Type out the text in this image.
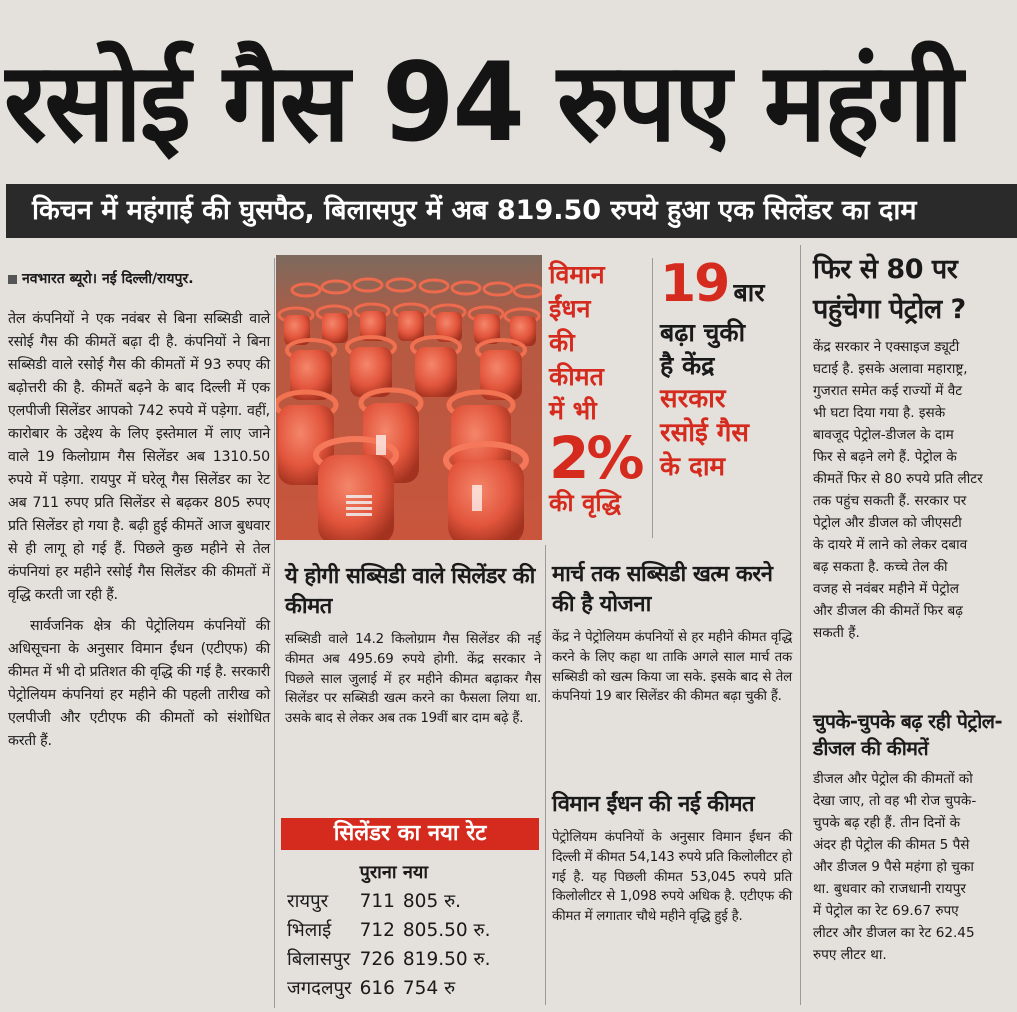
रसोई गैस 94 रुपए महंगी
किचन में महंगाई की घुसपैठ, बिलासपुर में अब 819.50 रुपये हुआ एक सिलेंडर का दाम
नवभारत ब्यूरो। नई दिल्ली/रायपुर.

तेल कंपनियों ने एक नवंबर से बिना सब्सिडी वाले रसोई गैस की कीमतें बढ़ा दी है. कंपनियों ने बिना सब्सिडी वाले रसोई गैस की कीमतों में 93 रुपए की बढ़ोत्तरी की है. कीमतें बढ़ने के बाद दिल्ली में एक एलपीजी सिलेंडर आपको 742 रुपये में पड़ेगा. वहीं, कारोबार के उद्देश्य के लिए इस्तेमाल में लाए जाने वाले 19 किलोग्राम गैस सिलेंडर अब 1310.50 रुपये में पड़ेगा. रायपुर में घरेलू गैस सिलेंडर का रेट अब 711 रुपए प्रति सिलेंडर से बढ़कर 805 रुपए प्रति सिलेंडर हो गया है. बढ़ी हुई कीमतें आज बुधवार से ही लागू हो गई हैं. पिछले कुछ महीने से तेल कंपनियां हर महीने रसोई गैस सिलेंडर की कीमतों में वृद्धि करती जा रही हैं.

सार्वजनिक क्षेत्र की पेट्रोलियम कंपनियों की अधिसूचना के अनुसार विमान ईंधन (एटीएफ) की कीमत में भी दो प्रतिशत की वृद्धि की गई है. सरकारी पेट्रोलियम कंपनियां हर महीने की पहली तारीख को एलपीजी और एटीएफ की कीमतों को संशोधित करती हैं.

विमान
ईंधन
की
कीमत
में भी
2%
की वृद्धि
19 बार
बढ़ा चुकी
है केंद्र
सरकार
रसोई गैस
के दाम
ये होगी सब्सिडी वाले सिलेंडर की कीमत
सब्सिडी वाले 14.2 किलोग्राम गैस सिलेंडर की नई कीमत अब 495.69 रुपये होगी. केंद्र सरकार ने पिछले साल जुलाई में हर महीने कीमत बढ़ाकर गैस सिलेंडर पर सब्सिडी खत्म करने का फैसला लिया था. उसके बाद से लेकर अब तक 19वीं बार दाम बढ़े हैं.
सिलेंडर का नया रेट
	पुराना	नया
रायपुर	711	805 रु.
भिलाई	712	805.50 रु.
बिलासपुर	726	819.50 रु.
जगदलपुर	616	754 रु
मार्च तक सब्सिडी खत्म करने की है योजना
केंद्र ने पेट्रोलियम कंपनियों से हर महीने कीमत वृद्धि करने के लिए कहा था ताकि अगले साल मार्च तक सब्सिडी को खत्म किया जा सके. इसके बाद से तेल कंपनियां 19 बार सिलेंडर की कीमत बढ़ा चुकी हैं.
विमान ईंधन की नई कीमत
पेट्रोलियम कंपनियों के अनुसार विमान ईंधन की दिल्ली में कीमत 54,143 रुपये प्रति किलोलीटर हो गई है. यह पिछली कीमत 53,045 रुपये प्रति किलोलीटर से 1,098 रुपये अधिक है. एटीएफ की कीमत में लगातार चौथे महीने वृद्धि हुई है.
फिर से 80 पर पहुंचेगा पेट्रोल ?
केंद्र सरकार ने एक्साइज ड्यूटी
घटाई है. इसके अलावा महाराष्ट्र,
गुजरात समेत कई राज्यों में वैट
भी घटा दिया गया है. इसके
बावजूद पेट्रोल-डीजल के दाम
फिर से बढ़ने लगे हैं. पेट्रोल के
कीमतें फिर से 80 रुपये प्रति लीटर
तक पहुंच सकती हैं. सरकार पर
पेट्रोल और डीजल को जीएसटी
के दायरे में लाने को लेकर दबाव
बढ़ सकता है. कच्चे तेल की
वजह से नवंबर महीने में पेट्रोल
और डीजल की कीमतें फिर बढ़
सकती हैं.
चुपके-चुपके बढ़ रही पेट्रोल-डीजल की कीमतें
डीजल और पेट्रोल की कीमतों को
देखा जाए, तो वह भी रोज चुपके-
चुपके बढ़ रही हैं. तीन दिनों के
अंदर ही पेट्रोल की कीमत 5 पैसे
और डीजल 9 पैसे महंगा हो चुका
था. बुधवार को राजधानी रायपुर
में पेट्रोल का रेट 69.67 रुपए
लीटर और डीजल का रेट 62.45
रुपए लीटर था.
